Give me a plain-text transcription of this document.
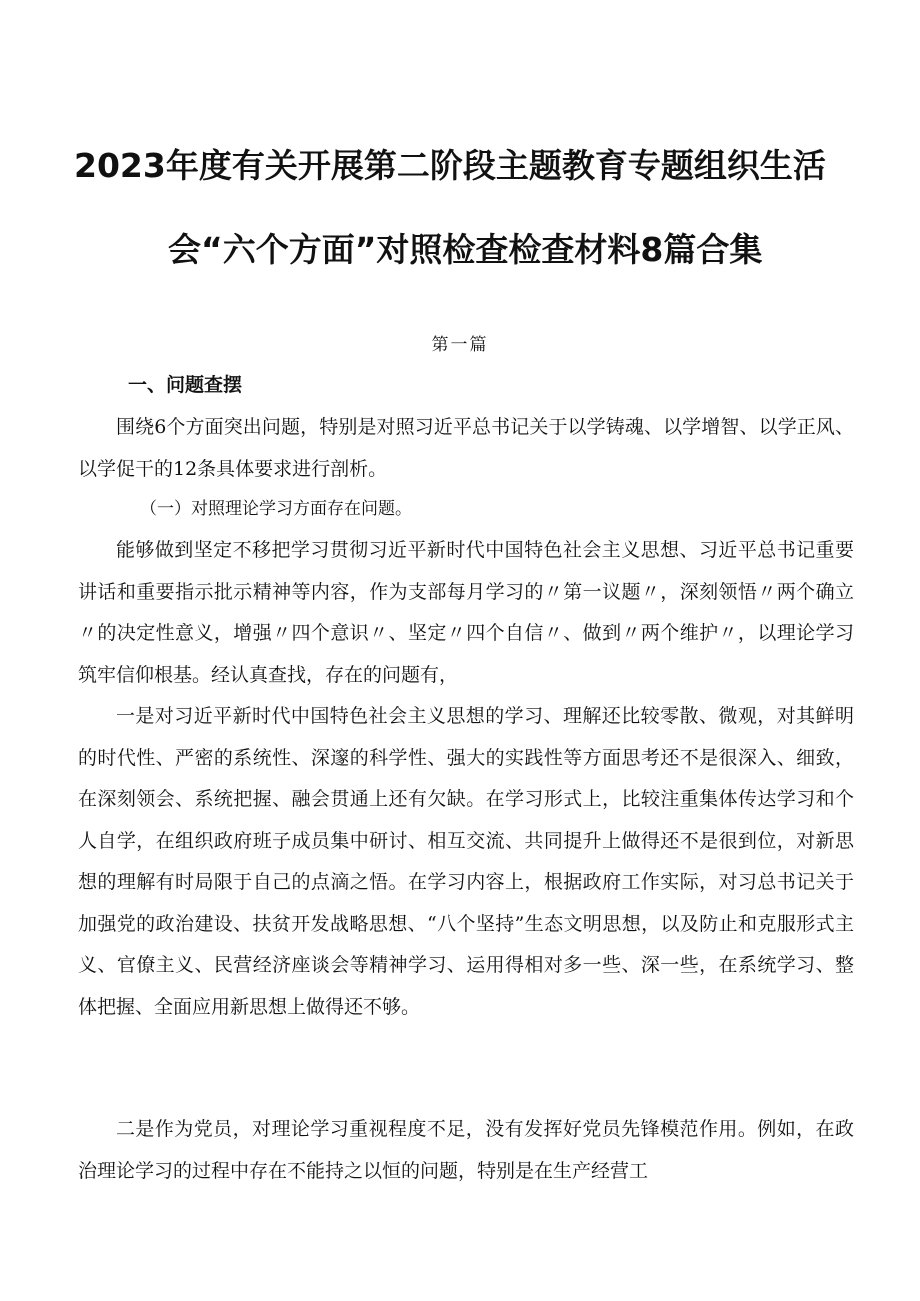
2023年度有关开展第二阶段主题教育专题组织生活
会“六个方面”对照检查检查材料8篇合集
第一篇
一、问题查摆

围绕6个方面突出问题，特别是对照习近平总书记关于以学铸魂、以学增智、以学正风、以学促干的12条具体要求进行剖析。

（一）对照理论学习方面存在问题。

能够做到坚定不移把学习贯彻习近平新时代中国特色社会主义思想、习近平总书记重要讲话和重要指示批示精神等内容，作为支部每月学习的〃第一议题〃，深刻领悟〃两个确立〃的决定性意义，增强〃四个意识〃、坚定〃四个自信〃、做到〃两个维护〃，以理论学习筑牢信仰根基。经认真查找，存在的问题有，

一是对习近平新时代中国特色社会主义思想的学习、理解还比较零散、微观，对其鲜明的时代性、严密的系统性、深邃的科学性、强大的实践性等方面思考还不是很深入、细致，在深刻领会、系统把握、融会贯通上还有欠缺。在学习形式上，比较注重集体传达学习和个人自学，在组织政府班子成员集中研讨、相互交流、共同提升上做得还不是很到位，对新思想的理解有时局限于自己的点滴之悟。在学习内容上，根据政府工作实际，对习总书记关于加强党的政治建设、扶贫开发战略思想、“八个坚持”生态文明思想，以及防止和克服形式主义、官僚主义、民营经济座谈会等精神学习、运用得相对多一些、深一些，在系统学习、整体把握、全面应用新思想上做得还不够。

二是作为党员，对理论学习重视程度不足，没有发挥好党员先锋模范作用。例如，在政治理论学习的过程中存在不能持之以恒的问题，特别是在生产经营工
